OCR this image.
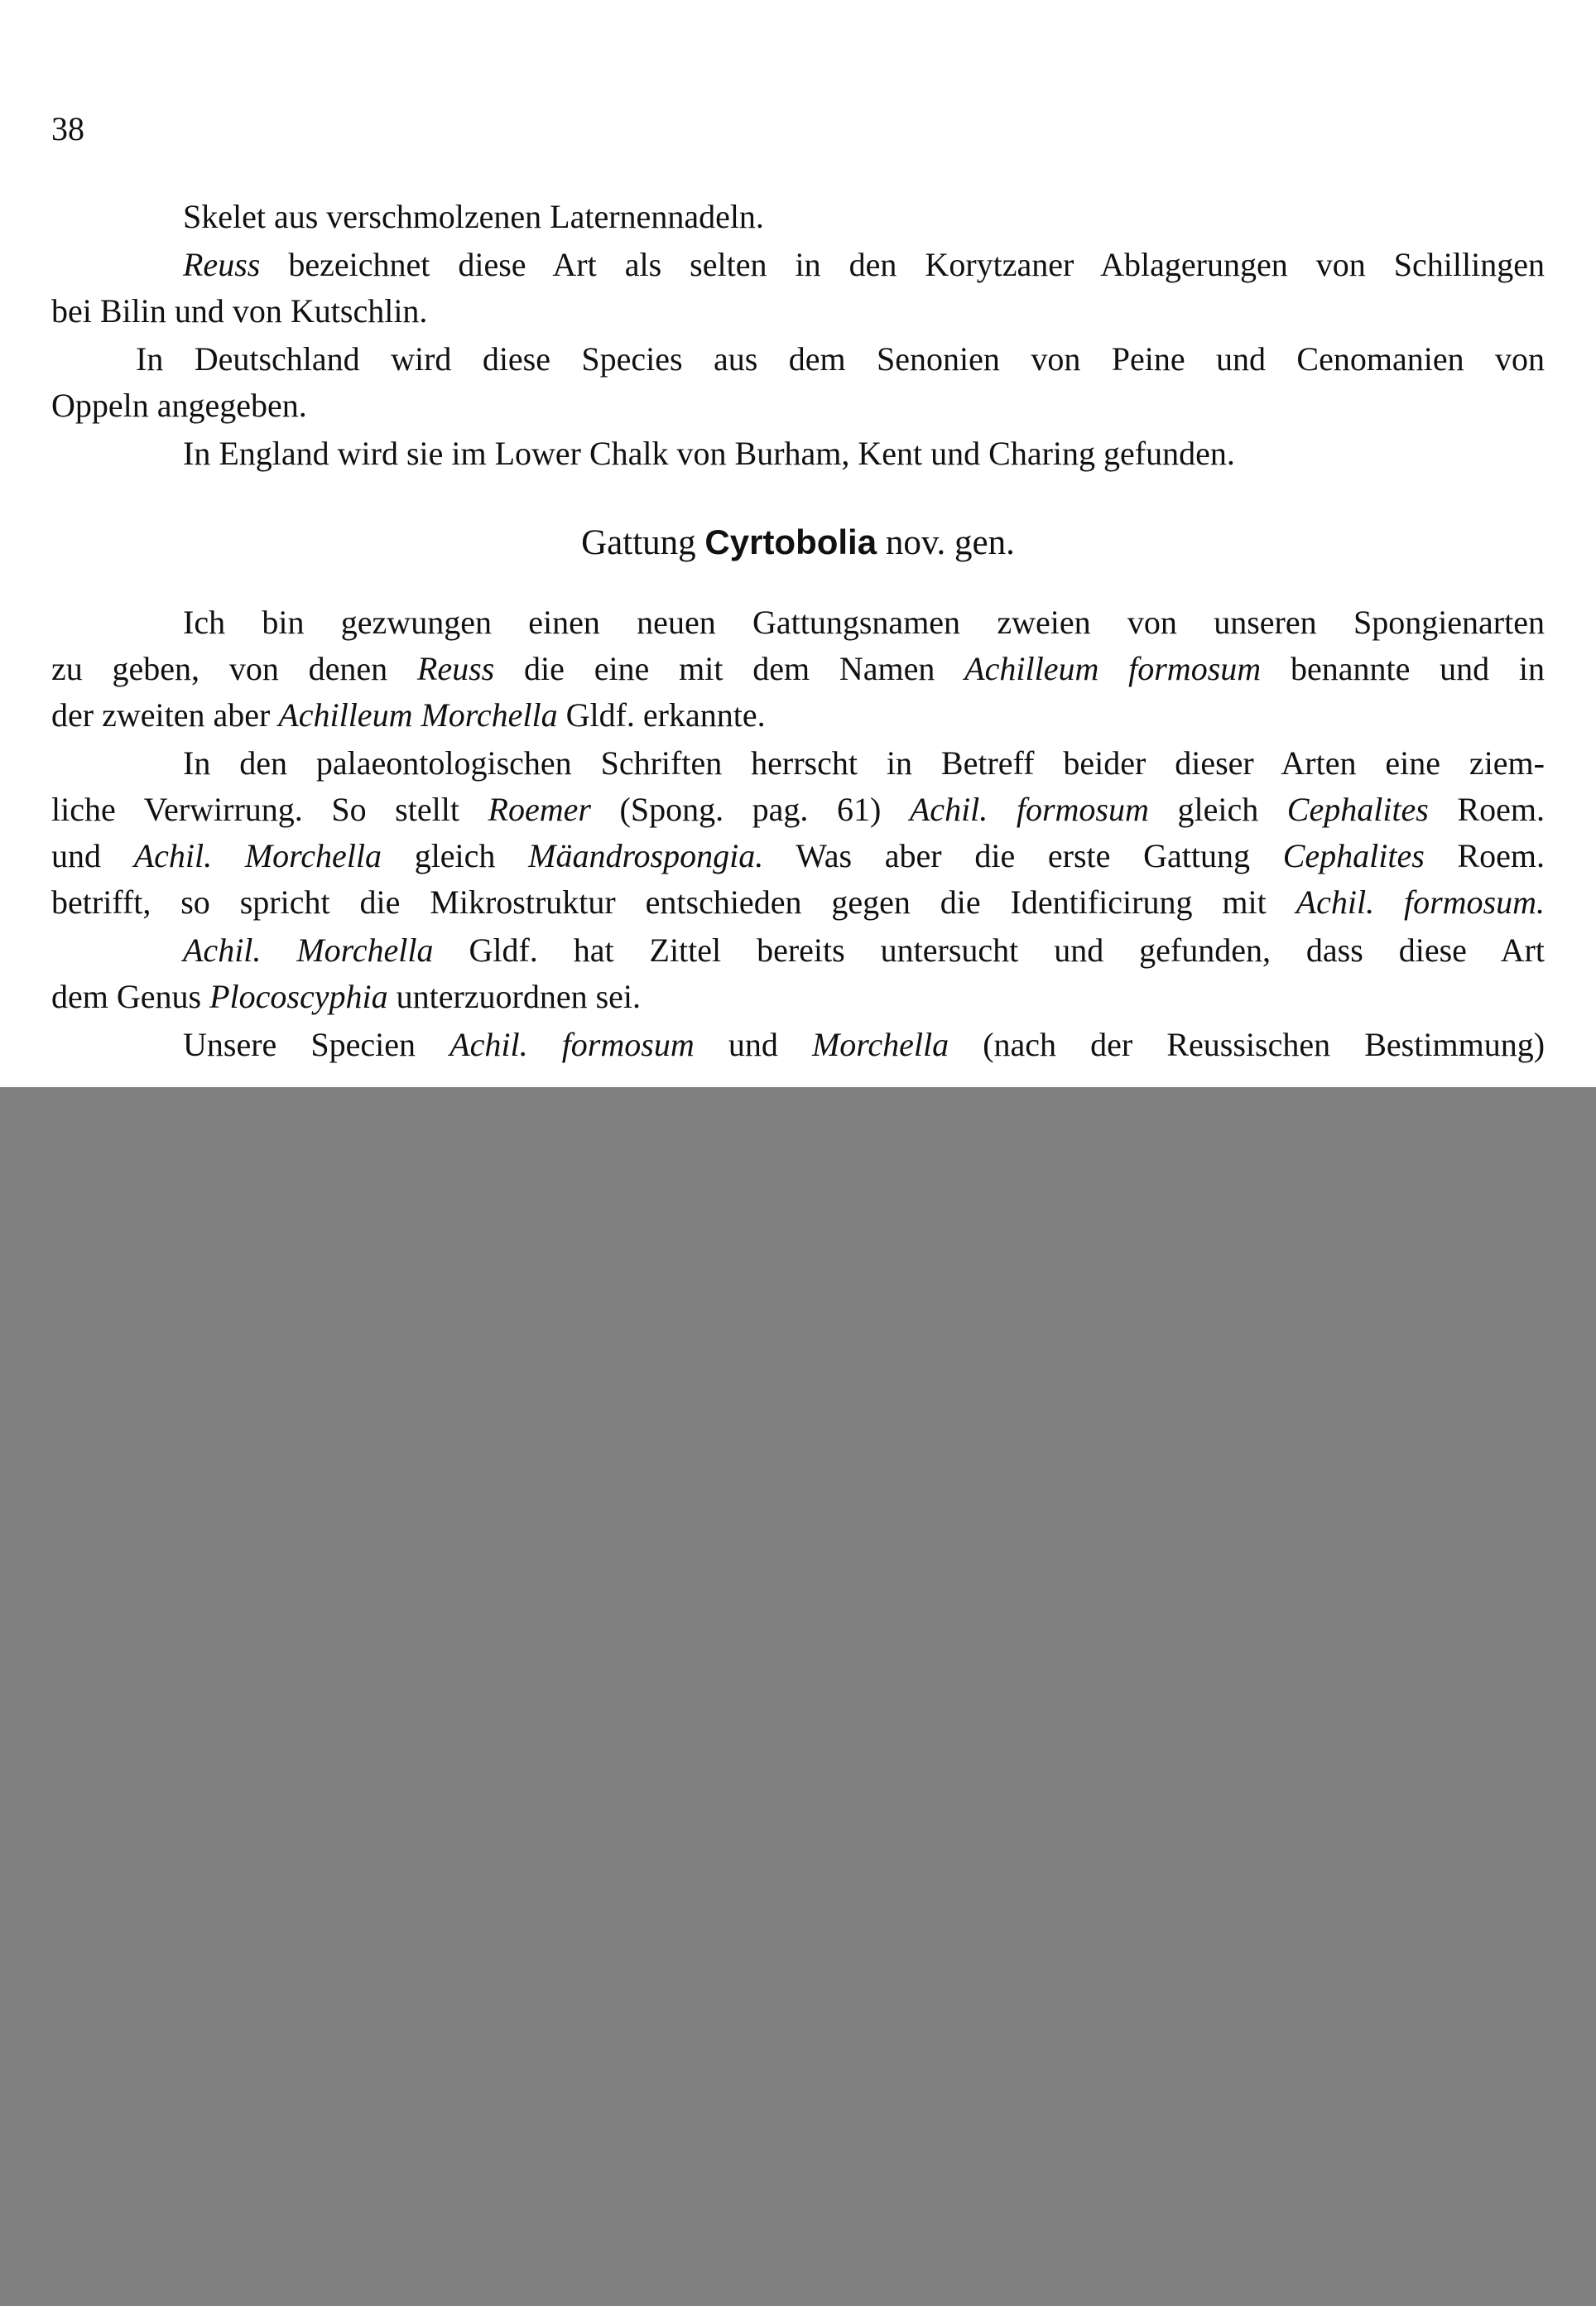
38
Skelet aus verschmolzenen Laternennadeln.
Reuss bezeichnet diese Art als selten in den Korytzaner Ablagerungen von Schillingen
bei Bilin und von Kutschlin.
In Deutschland wird diese Species aus dem Senonien von Peine und Cenomanien von
Oppeln angegeben.
In England wird sie im Lower Chalk von Burham, Kent und Charing gefunden.
Gattung Cyrtobolia nov. gen.
Ich bin gezwungen einen neuen Gattungsnamen zweien von unseren Spongienarten
zu geben, von denen Reuss die eine mit dem Namen Achilleum formosum benannte und in
der zweiten aber Achilleum Morchella Gldf. erkannte.
In den palaeontologischen Schriften herrscht in Betreff beider dieser Arten eine ziem-
liche Verwirrung. So stellt Roemer (Spong. pag. 61) Achil. formosum gleich Cephalites Roem.
und Achil. Morchella gleich Mäandrospongia. Was aber die erste Gattung Cephalites Roem.
betrifft, so spricht die Mikrostruktur entschieden gegen die Identificirung mit Achil. formosum.
Achil. Morchella Gldf. hat Zittel bereits untersucht und gefunden, dass diese Art
dem Genus Plocoscyphia unterzuordnen sei.
Unsere Specien Achil. formosum und Morchella (nach der Reussischen Bestimmung)
